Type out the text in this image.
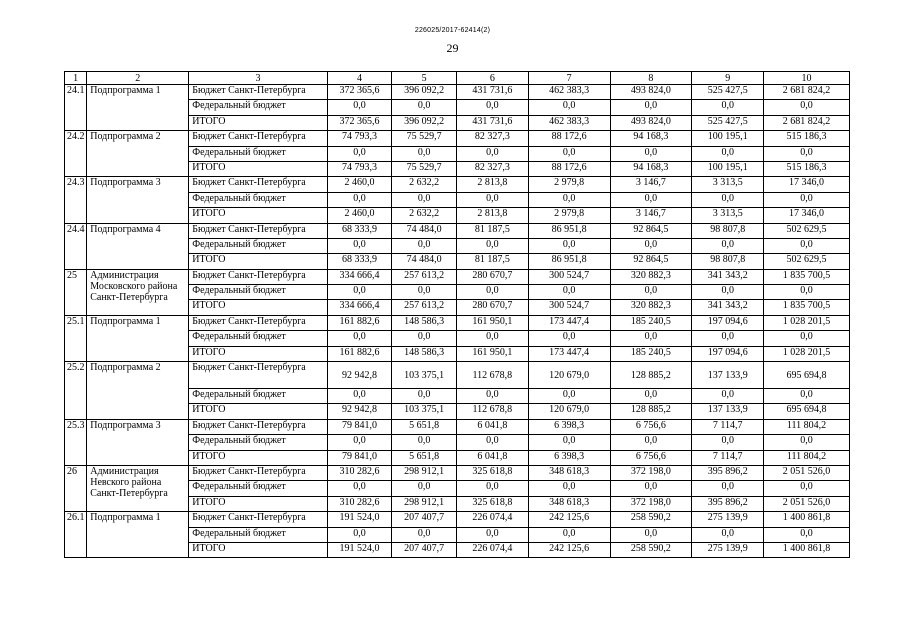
226025/2017-62414(2)
29
1	2	3	4	5	6	7	8	9	10
24.1	Подпрограмма 1	Бюджет Санкт-Петербурга	372 365,6	396 092,2	431 731,6	462 383,3	493 824,0	525 427,5	2 681 824,2
		Федеральный бюджет	0,0	0,0	0,0	0,0	0,0	0,0	0,0
		ИТОГО	372 365,6	396 092,2	431 731,6	462 383,3	493 824,0	525 427,5	2 681 824,2
24.2	Подпрограмма 2	Бюджет Санкт-Петербурга	74 793,3	75 529,7	82 327,3	88 172,6	94 168,3	100 195,1	515 186,3
		Федеральный бюджет	0,0	0,0	0,0	0,0	0,0	0,0	0,0
		ИТОГО	74 793,3	75 529,7	82 327,3	88 172,6	94 168,3	100 195,1	515 186,3
24.3	Подпрограмма 3	Бюджет Санкт-Петербурга	2 460,0	2 632,2	2 813,8	2 979,8	3 146,7	3 313,5	17 346,0
		Федеральный бюджет	0,0	0,0	0,0	0,0	0,0	0,0	0,0
		ИТОГО	2 460,0	2 632,2	2 813,8	2 979,8	3 146,7	3 313,5	17 346,0
24.4	Подпрограмма 4	Бюджет Санкт-Петербурга	68 333,9	74 484,0	81 187,5	86 951,8	92 864,5	98 807,8	502 629,5
		Федеральный бюджет	0,0	0,0	0,0	0,0	0,0	0,0	0,0
		ИТОГО	68 333,9	74 484,0	81 187,5	86 951,8	92 864,5	98 807,8	502 629,5
25	Администрация Московского района Санкт-Петербурга	Бюджет Санкт-Петербурга	334 666,4	257 613,2	280 670,7	300 524,7	320 882,3	341 343,2	1 835 700,5
		Федеральный бюджет	0,0	0,0	0,0	0,0	0,0	0,0	0,0
		ИТОГО	334 666,4	257 613,2	280 670,7	300 524,7	320 882,3	341 343,2	1 835 700,5
25.1	Подпрограмма 1	Бюджет Санкт-Петербурга	161 882,6	148 586,3	161 950,1	173 447,4	185 240,5	197 094,6	1 028 201,5
		Федеральный бюджет	0,0	0,0	0,0	0,0	0,0	0,0	0,0
		ИТОГО	161 882,6	148 586,3	161 950,1	173 447,4	185 240,5	197 094,6	1 028 201,5
25.2	Подпрограмма 2	Бюджет Санкт-Петербурга	92 942,8	103 375,1	112 678,8	120 679,0	128 885,2	137 133,9	695 694,8
		Федеральный бюджет	0,0	0,0	0,0	0,0	0,0	0,0	0,0
		ИТОГО	92 942,8	103 375,1	112 678,8	120 679,0	128 885,2	137 133,9	695 694,8
25.3	Подпрограмма 3	Бюджет Санкт-Петербурга	79 841,0	5 651,8	6 041,8	6 398,3	6 756,6	7 114,7	111 804,2
		Федеральный бюджет	0,0	0,0	0,0	0,0	0,0	0,0	0,0
		ИТОГО	79 841,0	5 651,8	6 041,8	6 398,3	6 756,6	7 114,7	111 804,2
26	Администрация Невского района Санкт-Петербурга	Бюджет Санкт-Петербурга	310 282,6	298 912,1	325 618,8	348 618,3	372 198,0	395 896,2	2 051 526,0
		Федеральный бюджет	0,0	0,0	0,0	0,0	0,0	0,0	0,0
		ИТОГО	310 282,6	298 912,1	325 618,8	348 618,3	372 198,0	395 896,2	2 051 526,0
26.1	Подпрограмма 1	Бюджет Санкт-Петербурга	191 524,0	207 407,7	226 074,4	242 125,6	258 590,2	275 139,9	1 400 861,8
		Федеральный бюджет	0,0	0,0	0,0	0,0	0,0	0,0	0,0
		ИТОГО	191 524,0	207 407,7	226 074,4	242 125,6	258 590,2	275 139,9	1 400 861,8
